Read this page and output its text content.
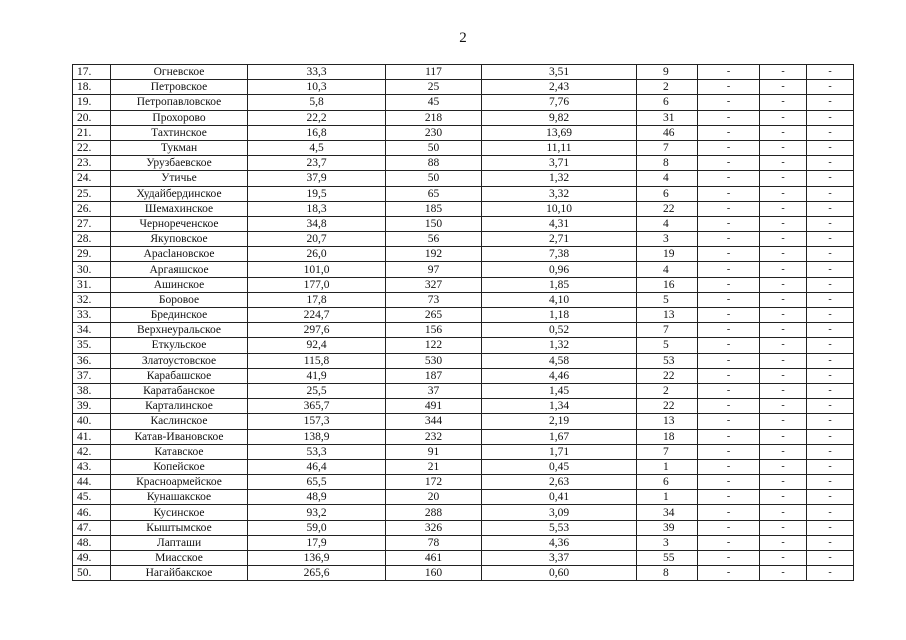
2
17.	Огневское	33,3	117	3,51	9	-	-	-
18.	Петровское	10,3	25	2,43	2	-	-	-
19.	Петропавловское	5,8	45	7,76	6	-	-	-
20.	Прохорово	22,2	218	9,82	31	-	-	-
21.	Тахтинское	16,8	230	13,69	46	-	-	-
22.	Тукман	4,5	50	11,11	7	-	-	-
23.	Урузбаевское	23,7	88	3,71	8	-	-	-
24.	Утичье	37,9	50	1,32	4	-	-	-
25.	Худайбердинское	19,5	65	3,32	6	-	-	-
26.	Шемахинское	18,3	185	10,10	22	-	-	-
27.	Чернореченское	34,8	150	4,31	4	-	-	-
28.	Якуповское	20,7	56	2,71	3	-	-	-
29.	Арасlановское	26,0	192	7,38	19	-	-	-
30.	Аргаяшское	101,0	97	0,96	4	-	-	-
31.	Ашинское	177,0	327	1,85	16	-	-	-
32.	Боровое	17,8	73	4,10	5	-	-	-
33.	Брединское	224,7	265	1,18	13	-	-	-
34.	Верхнеуральское	297,6	156	0,52	7	-	-	-
35.	Еткульское	92,4	122	1,32	5	-	-	-
36.	Златоустовское	115,8	530	4,58	53	-	-	-
37.	Карабашское	41,9	187	4,46	22	-	-	-
38.	Каратабанское	25,5	37	1,45	2	-	-	-
39.	Карталинское	365,7	491	1,34	22	-	-	-
40.	Каслинское	157,3	344	2,19	13	-	-	-
41.	Катав-Ивановское	138,9	232	1,67	18	-	-	-
42.	Катавское	53,3	91	1,71	7	-	-	-
43.	Копейское	46,4	21	0,45	1	-	-	-
44.	Красноармейское	65,5	172	2,63	6	-	-	-
45.	Кунашакское	48,9	20	0,41	1	-	-	-
46.	Кусинское	93,2	288	3,09	34	-	-	-
47.	Кыштымское	59,0	326	5,53	39	-	-	-
48.	Лапташи	17,9	78	4,36	3	-	-	-
49.	Миасское	136,9	461	3,37	55	-	-	-
50.	Нагайбакское	265,6	160	0,60	8	-	-	-
